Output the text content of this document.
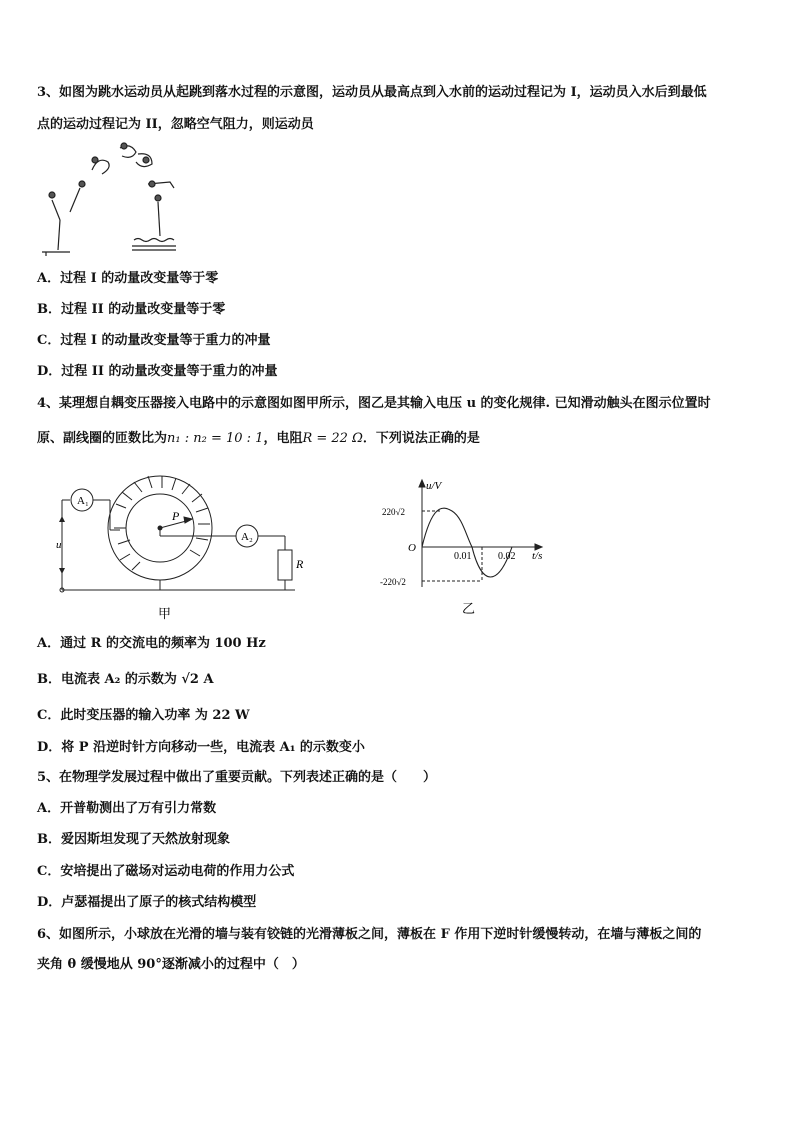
3、如图为跳水运动员从起跳到落水过程的示意图，运动员从最高点到入水前的运动过程记为 I，运动员入水后到最低
点的运动过程记为 II，忽略空气阻力，则运动员
A．过程 I 的动量改变量等于零
B．过程 II 的动量改变量等于零
C．过程 I 的动量改变量等于重力的冲量
D．过程 II 的动量改变量等于重力的冲量
4、某理想自耦变压器接入电路中的示意图如图甲所示，图乙是其输入电压 u 的变化规律. 已知滑动触头在图示位置时
原、副线圈的匝数比为n₁ : n₂ = 10 : 1，电阻R = 22 Ω．下列说法正确的是
A₁
A₂
P
R
u
甲
u/V
t/s
O
220√2
-220√2
0.01	0.02
乙
A．通过 R 的交流电的频率为 100 Hz
B．电流表 A₂ 的示数为 √2 A
C．此时变压器的输入功率 为 22 W
D．将 P 沿逆时针方向移动一些，电流表 A₁ 的示数变小
5、在物理学发展过程中做出了重要贡献。下列表述正确的是（　　）
A．开普勒测出了万有引力常数
B．爱因斯坦发现了天然放射现象
C．安培提出了磁场对运动电荷的作用力公式
D．卢瑟福提出了原子的核式结构模型
6、如图所示，小球放在光滑的墙与装有铰链的光滑薄板之间，薄板在 F 作用下逆时针缓慢转动，在墙与薄板之间的
夹角 θ 缓慢地从 90°逐渐减小的过程中（　）
